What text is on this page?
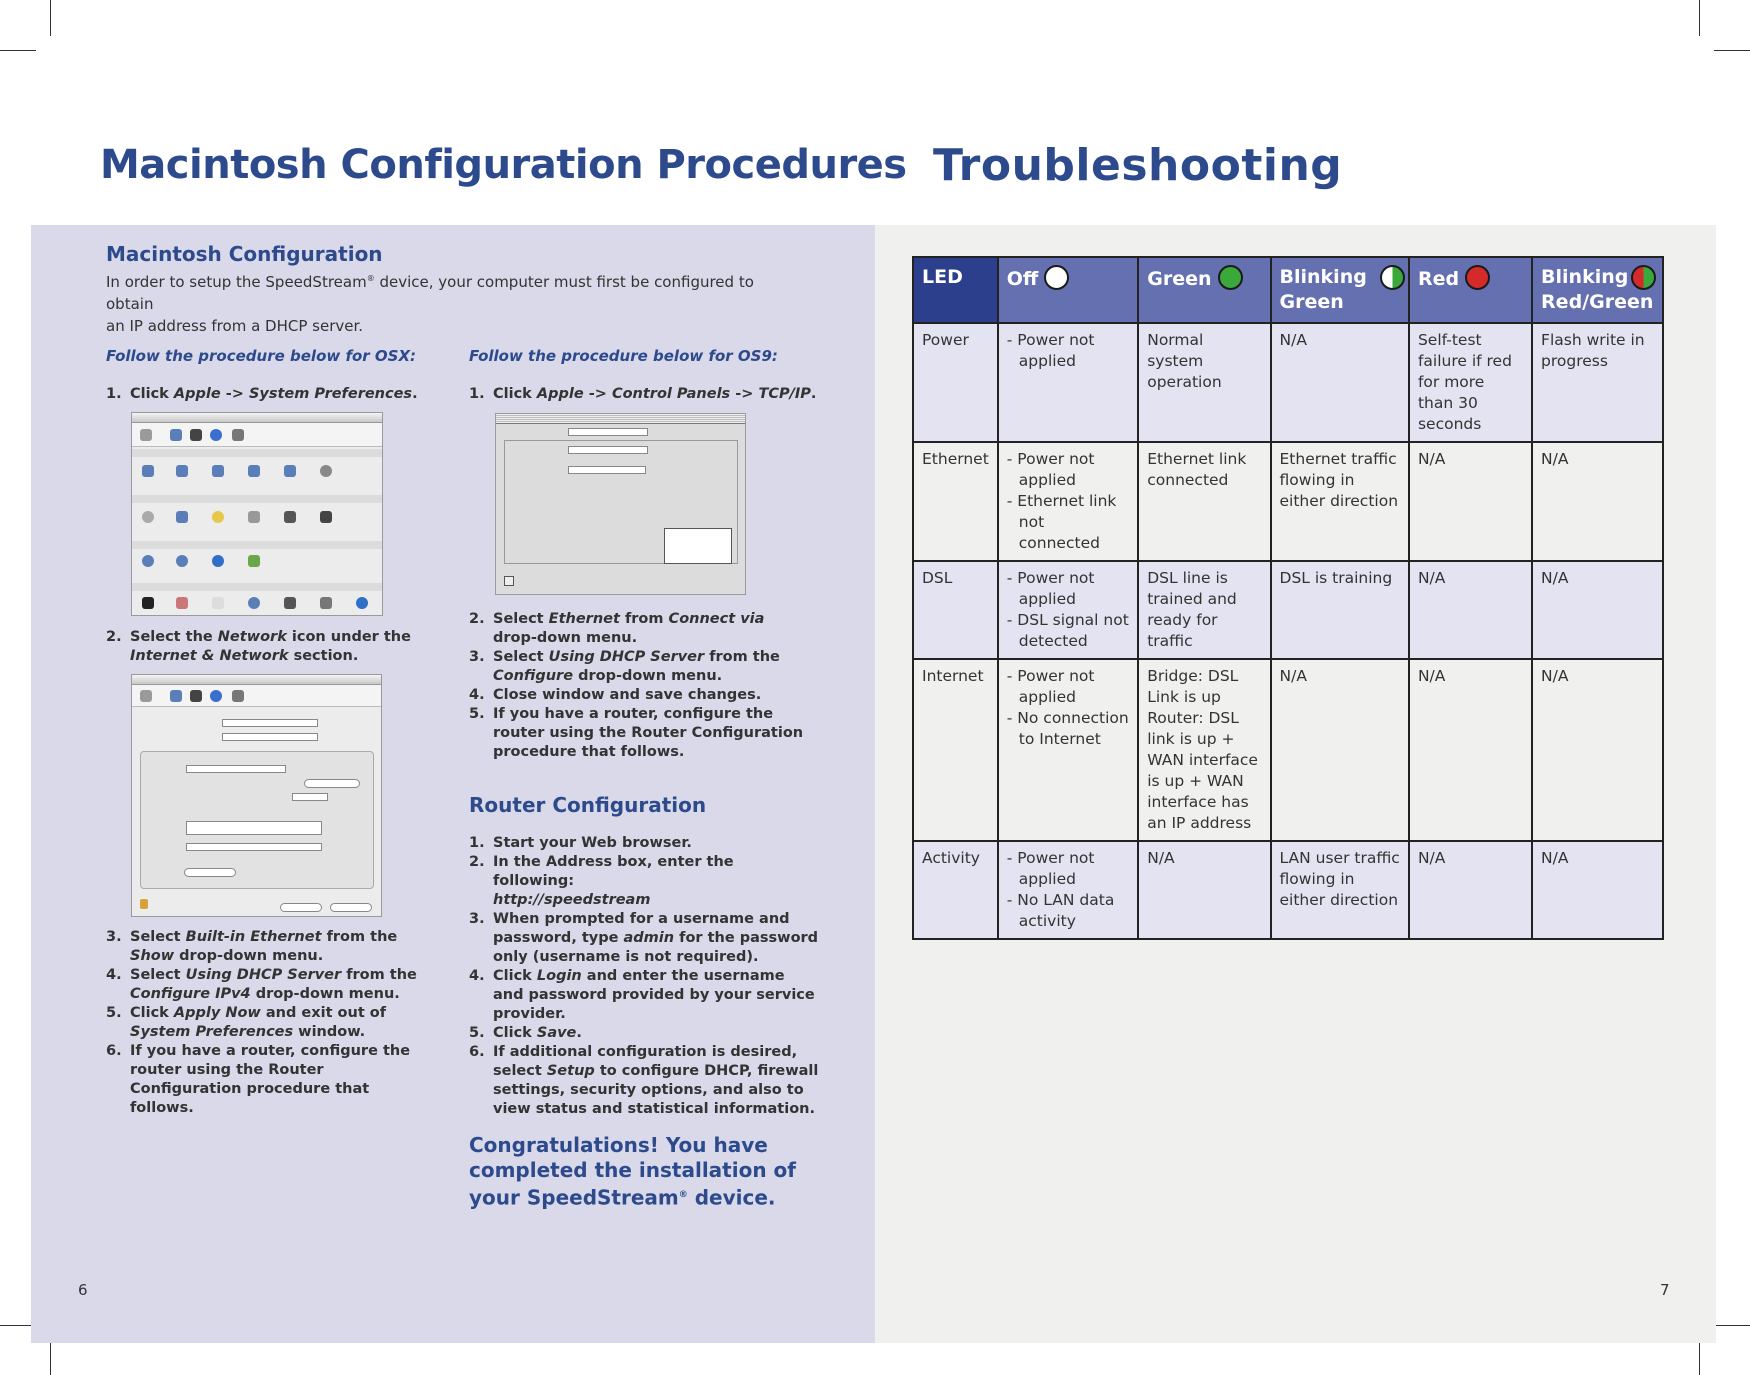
Macintosh Configuration Procedures Troubleshooting
Macintosh Configuration
In order to setup the SpeedStream® device, your computer must first be configured to obtain
an IP address from a DHCP server.
Follow the procedure below for OSX:
1. Click Apple -> System Preferences.
2. Select the Network icon under the
Internet & Network section.
3. Select Built-in Ethernet from the
Show drop-down menu.
4. Select Using DHCP Server from the
Configure IPv4 drop-down menu.
5. Click Apply Now and exit out of
System Preferences window.
6. If you have a router, configure the router using the Router Configuration procedure that follows.
Follow the procedure below for OS9:
1. Click Apple -> Control Panels -> TCP/IP.
2. Select Ethernet from Connect via
drop-down menu.
3. Select Using DHCP Server from the
Configure drop-down menu.
4. Close window and save changes.
5. If you have a router, configure the router using the Router Configuration procedure that follows.
Router Configuration
1. Start your Web browser.
2. In the Address box, enter the following:
http://speedstream
3. When prompted for a username and password, type admin for the password only (username is not required).
4. Click Login and enter the username and password provided by your service provider.
5. Click Save.
6. If additional configuration is desired, select Setup to configure DHCP, firewall settings, security options, and also to view status and statistical information.
Congratulations! You have completed the installation of your SpeedStream® device.
6	7
LED	Off	Green	Blinking Green	Red	Blinking Red/Green

Power	- Power not applied	Normal system operation	N/A	Self-test failure if red for more than 30 seconds	Flash write in progress
Ethernet	- Power not applied
- Ethernet link not connected	Ethernet link connected	Ethernet traffic flowing in either direction	N/A	N/A
DSL	- Power not applied
- DSL signal not detected	DSL line is trained and ready for traffic	DSL is training	N/A	N/A
Internet	- Power not applied
- No connection to Internet	Bridge: DSL Link is up Router: DSL link is up + WAN interface is up + WAN interface has an IP address	N/A	N/A	N/A
Activity	- Power not applied
- No LAN data activity	N/A	LAN user traffic flowing in either direction	N/A	N/A
